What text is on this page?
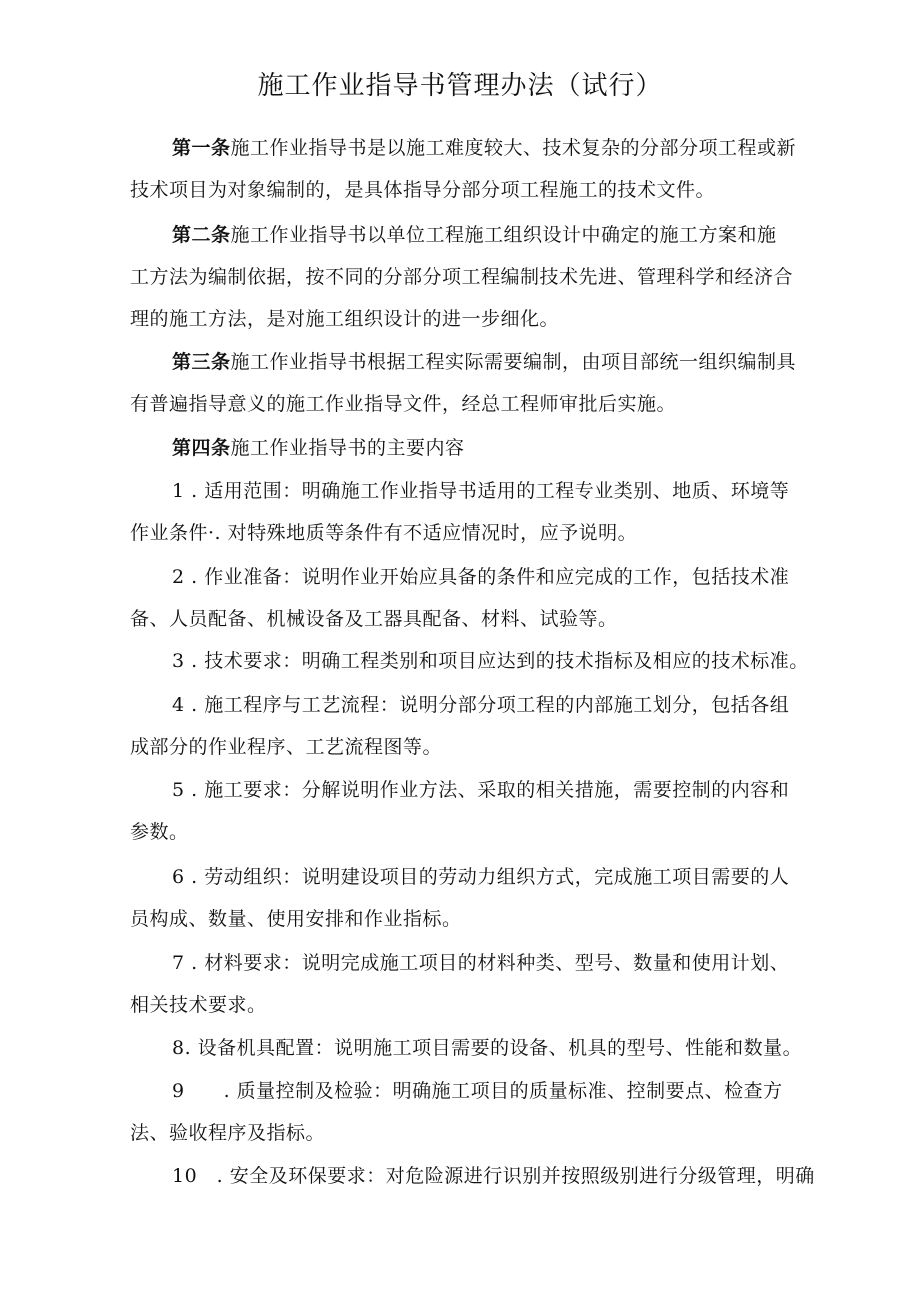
施工作业指导书管理办法（试行）
第一条施工作业指导书是以施工难度较大、技术复杂的分部分项工程或新
技术项目为对象编制的，是具体指导分部分项工程施工的技术文件。
第二条施工作业指导书以单位工程施工组织设计中确定的施工方案和施
工方法为编制依据，按不同的分部分项工程编制技术先进、管理科学和经济合
理的施工方法，是对施工组织设计的进一步细化。
第三条施工作业指导书根据工程实际需要编制，由项目部统一组织编制具
有普遍指导意义的施工作业指导文件，经总工程师审批后实施。
第四条施工作业指导书的主要内容
1 . 适用范围：明确施工作业指导书适用的工程专业类别、地质、环境等
作业条件·. 对特殊地质等条件有不适应情况时，应予说明。
2 . 作业准备：说明作业开始应具备的条件和应完成的工作，包括技术准
备、人员配备、机械设备及工器具配备、材料、试验等。
3 . 技术要求：明确工程类别和项目应达到的技术指标及相应的技术标准。
4 . 施工程序与工艺流程：说明分部分项工程的内部施工划分，包括各组
成部分的作业程序、工艺流程图等。
5 . 施工要求：分解说明作业方法、采取的相关措施，需要控制的内容和
参数。
6 . 劳动组织：说明建设项目的劳动力组织方式，完成施工项目需要的人
员构成、数量、使用安排和作业指标。
7 . 材料要求：说明完成施工项目的材料种类、型号、数量和使用计划、
相关技术要求。
8. 设备机具配置：说明施工项目需要的设备、机具的型号、性能和数量。
9　　. 质量控制及检验：明确施工项目的质量标准、控制要点、检查方
法、验收程序及指标。
10　. 安全及环保要求：对危险源进行识别并按照级别进行分级管理，明确
